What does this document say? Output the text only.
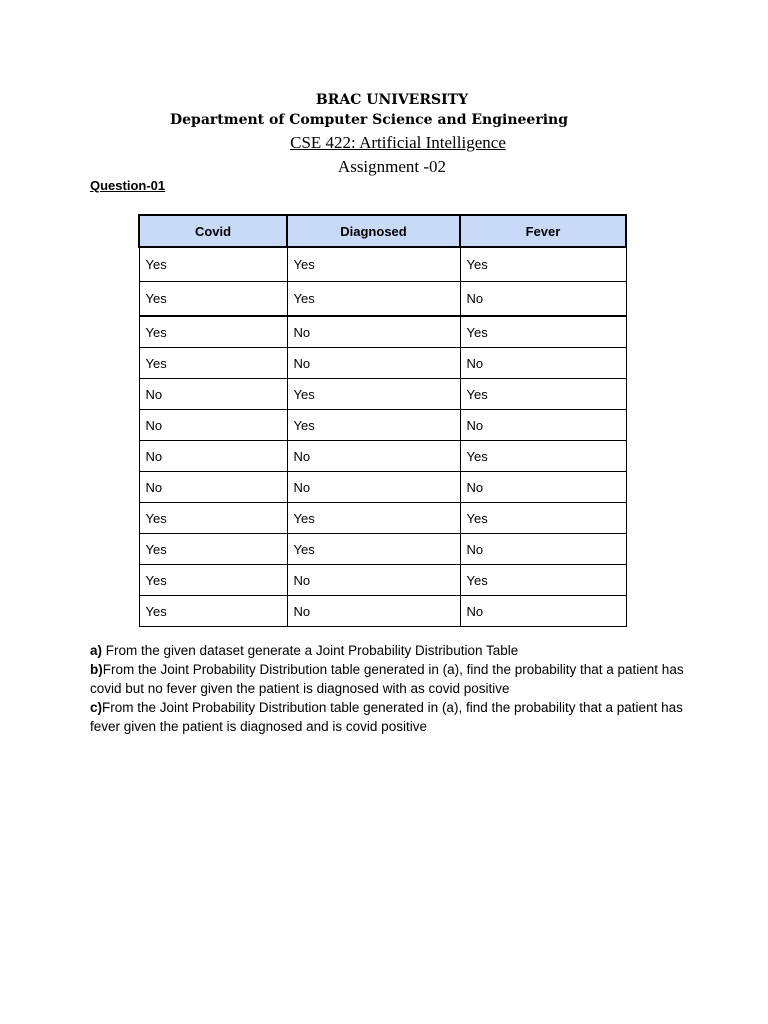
BRAC UNIVERSITY
Department of Computer Science and Engineering
CSE 422: Artificial Intelligence
Assignment -02
Question-01
Covid	Diagnosed	Fever
Yes	Yes	Yes
Yes	Yes	No
Yes	No	Yes
Yes	No	No
No	Yes	Yes
No	Yes	No
No	No	Yes
No	No	No
Yes	Yes	Yes
Yes	Yes	No
Yes	No	Yes
Yes	No	No

a) From the given dataset generate a Joint Probability Distribution Table

b)From the Joint Probability Distribution table generated in (a), find the probability that a patient has covid but no fever given the patient is diagnosed with as covid positive

c)From the Joint Probability Distribution table generated in (a), find the probability that a patient has fever given the patient is diagnosed and is covid positive
